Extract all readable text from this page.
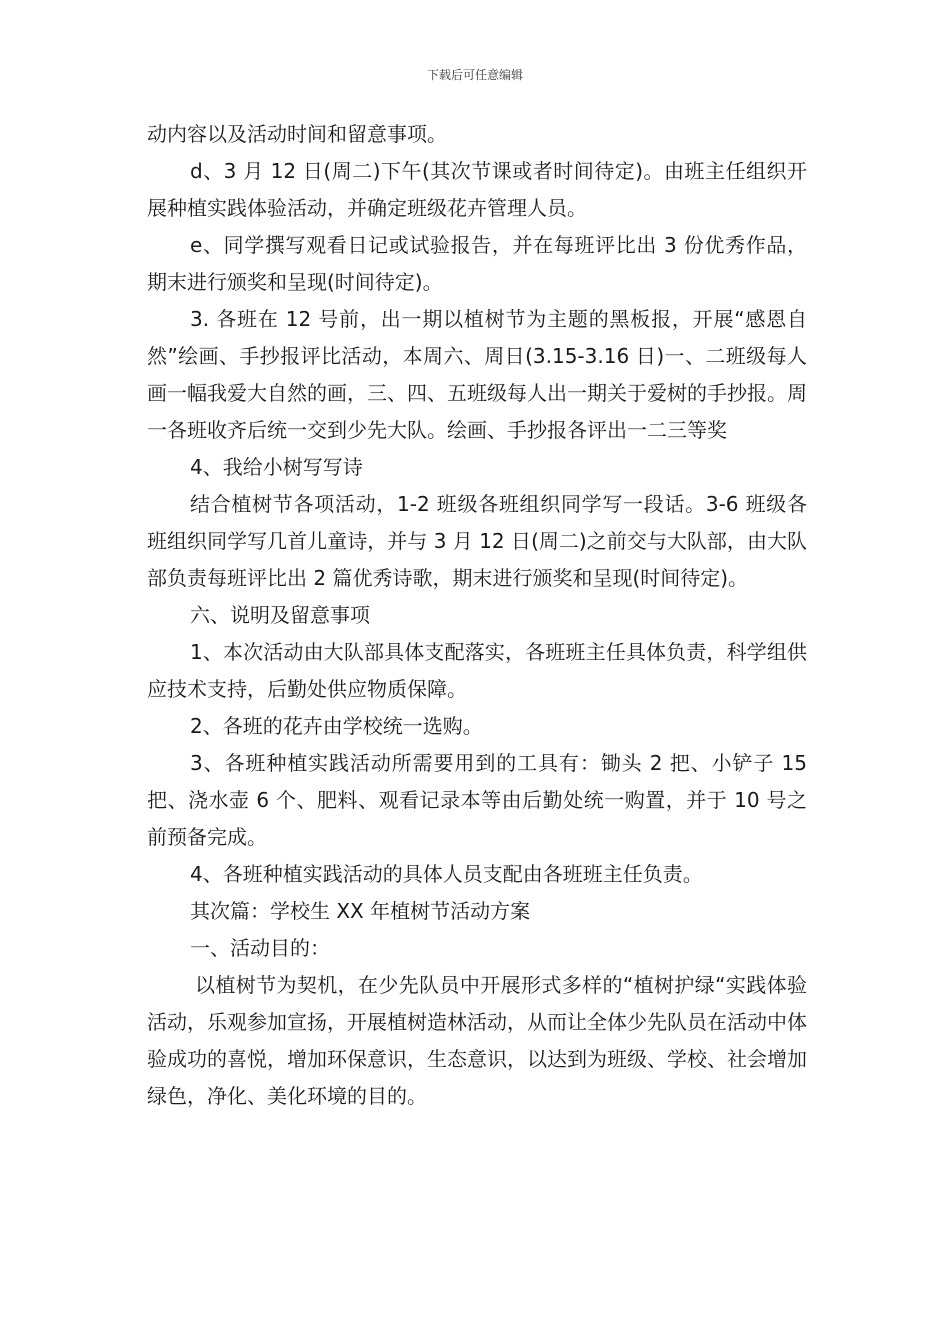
下载后可任意编辑

动内容以及活动时间和留意事项。

d、3 月 12 日(周二)下午(其次节课或者时间待定)。由班主任组织开展种植实践体验活动，并确定班级花卉管理人员。

e、同学撰写观看日记或试验报告，并在每班评比出 3 份优秀作品，期末进行颁奖和呈现(时间待定)。

3. 各班在 12 号前，出一期以植树节为主题的黑板报，开展“感恩自然”绘画、手抄报评比活动，本周六、周日(3.15-3.16 日)一、二班级每人画一幅我爱大自然的画，三、四、五班级每人出一期关于爱树的手抄报。周一各班收齐后统一交到少先大队。绘画、手抄报各评出一二三等奖

4、我给小树写写诗

结合植树节各项活动，1-2 班级各班组织同学写一段话。3-6 班级各班组织同学写几首儿童诗，并与 3 月 12 日(周二)之前交与大队部，由大队部负责每班评比出 2 篇优秀诗歌，期末进行颁奖和呈现(时间待定)。

六、说明及留意事项

1、本次活动由大队部具体支配落实，各班班主任具体负责，科学组供应技术支持，后勤处供应物质保障。

2、各班的花卉由学校统一选购。

3、各班种植实践活动所需要用到的工具有：锄头 2 把、小铲子 15 把、浇水壶 6 个、肥料、观看记录本等由后勤处统一购置，并于 10 号之前预备完成。

4、各班种植实践活动的具体人员支配由各班班主任负责。

其次篇：学校生 XX 年植树节活动方案

一、活动目的：

以植树节为契机，在少先队员中开展形式多样的“植树护绿“实践体验活动，乐观参加宣扬，开展植树造林活动，从而让全体少先队员在活动中体验成功的喜悦，增加环保意识，生态意识，以达到为班级、学校、社会增加绿色，净化、美化环境的目的。
